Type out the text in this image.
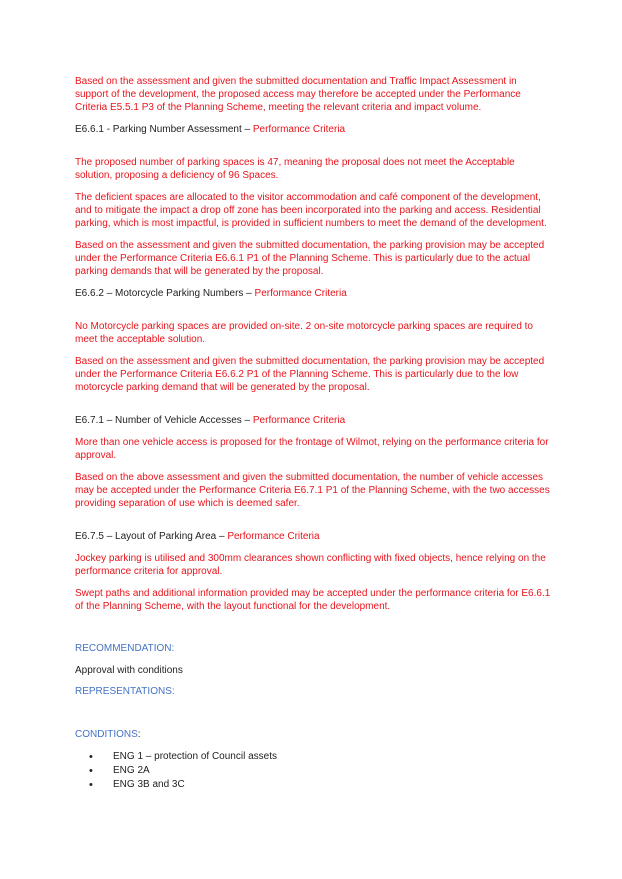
Based on the assessment and given the submitted documentation and Traffic Impact Assessment in support of the development, the proposed access may therefore be accepted under the Performance Criteria E5.5.1 P3 of the Planning Scheme, meeting the relevant criteria and impact volume.

E6.6.1 - Parking Number Assessment – Performance Criteria

The proposed number of parking spaces is 47, meaning the proposal does not meet the Acceptable solution, proposing a deficiency of 96 Spaces.

The deficient spaces are allocated to the visitor accommodation and café component of the development, and to mitigate the impact a drop off zone has been incorporated into the parking and access. Residential parking, which is most impactful, is provided in sufficient numbers to meet the demand of the development.

Based on the assessment and given the submitted documentation, the parking provision may be accepted under the Performance Criteria E6.6.1 P1 of the Planning Scheme. This is particularly due to the actual parking demands that will be generated by the proposal.

E6.6.2 – Motorcycle Parking Numbers – Performance Criteria

No Motorcycle parking spaces are provided on-site. 2 on-site motorcycle parking spaces are required to meet the acceptable solution.

Based on the assessment and given the submitted documentation, the parking provision may be accepted under the Performance Criteria E6.6.2 P1 of the Planning Scheme. This is particularly due to the low motorcycle parking demand that will be generated by the proposal.

E6.7.1 – Number of Vehicle Accesses – Performance Criteria

More than one vehicle access is proposed for the frontage of Wilmot, relying on the performance criteria for approval.

Based on the above assessment and given the submitted documentation, the number of vehicle accesses may be accepted under the Performance Criteria E6.7.1 P1 of the Planning Scheme, with the two accesses providing separation of use which is deemed safer.

E6.7.5 – Layout of Parking Area – Performance Criteria

Jockey parking is utilised and 300mm clearances shown conflicting with fixed objects, hence relying on the performance criteria for approval.

Swept paths and additional information provided may be accepted under the performance criteria for E6.6.1 of the Planning Scheme, with the layout functional for the development.

RECOMMENDATION:

Approval with conditions

REPRESENTATIONS:

CONDITIONS:

• ENG 1 – protection of Council assets
• ENG 2A
• ENG 3B and 3C
